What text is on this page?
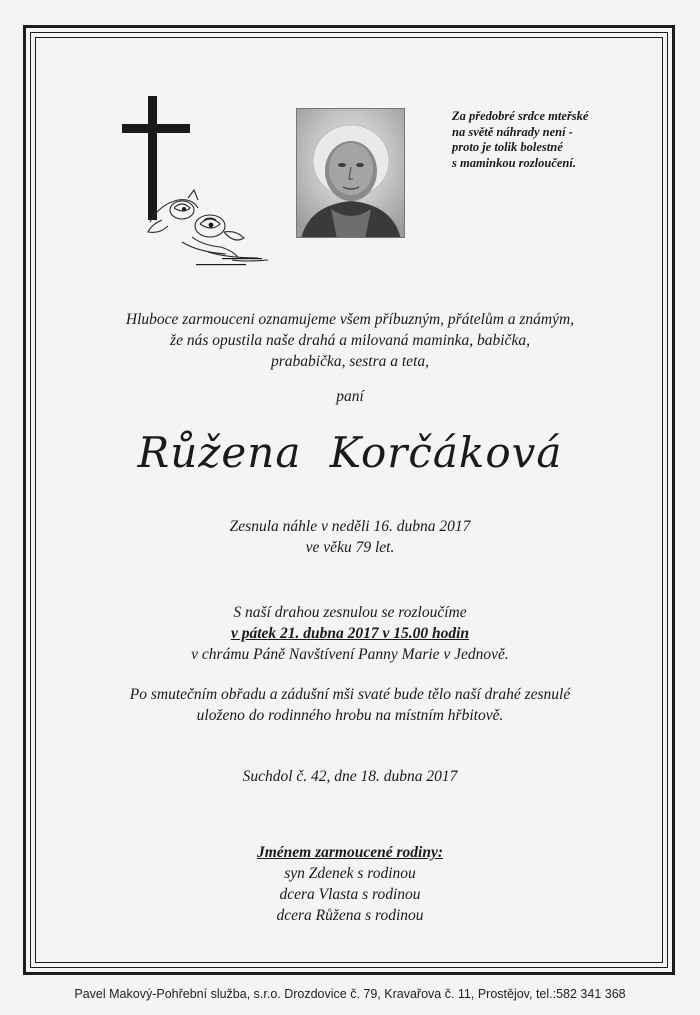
Za předobré srdce mteřské
na světě náhrady není -
proto je tolik bolestné
s maminkou rozloučení.
Hluboce zarmouceni oznamujeme všem příbuzným, přátelům a známým,
že nás opustila naše drahá a milovaná maminka, babička,
prababička, sestra a teta,
paní
Růžena Korčáková
Zesnula náhle v neděli 16. dubna 2017
ve věku 79 let.
S naší drahou zesnulou se rozloučíme
v pátek 21. dubna 2017 v 15.00 hodin
v chrámu Páně Navštívení Panny Marie v Jednově.
Po smutečním obřadu a zádušní mši svaté bude tělo naší drahé zesnulé
uloženo do rodinného hrobu na místním hřbitově.
Suchdol č. 42, dne 18. dubna 2017
Jménem zarmoucené rodiny:
syn Zdenek s rodinou
dcera Vlasta s rodinou
dcera Růžena s rodinou
Pavel Makový-Pohřební služba, s.r.o. Drozdovice č. 79, Kravařova č. 11, Prostějov, tel.:582 341 368
